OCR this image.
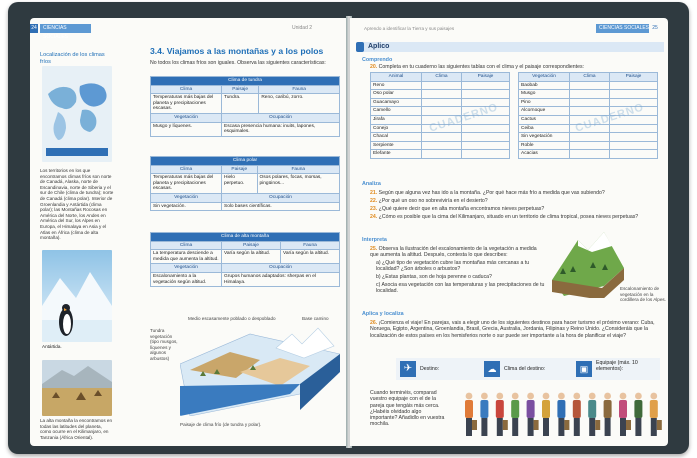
24	CIENCIAS SOCIALES
Unidad 2
Localización de los climas fríos
Los territorios en los que encontramos climas fríos son norte de Canadá, Alaska, norte de Escandinavia, norte de Siberia y el sur de Chile (clima de tundra); norte de Canadá (clima polar). Interior de Groenlandia y Antártida (clima polar); las Montañas Rocosas en América del Norte, los Andes en América del Sur, los Alpes en Europa, el Himalaya en Asia y el Atlas en África (clima de alta montaña).
Antártida.
La alta montaña la encontramos en todas las latitudes del planeta, como ocurre en el Kilimanjaro, en Tanzania (África Oriental).
3.4. Viajamos a las montañas y a los polos
No todos los climas fríos son iguales. Observa las siguientes características:
Clima de tundra		
Clima	Paisaje	Fauna
Temperaturas más bajas del planeta y precipitaciones escasas.	Tundra.	Reno, caribú, zorro.
Vegetación	Ocupación	
Musgo y líquenes.	Escasa presencia humana: inuits, lapones, esquimales.	
Clima polar		
Clima	Paisaje	Fauna
Temperaturas más bajas del planeta y precipitaciones escasas.	Hielo perpetuo.	Osos polares, focas, morsas, pingüinos...
Vegetación	Ocupación	
Sin vegetación.	Solo bases científicas.	
Clima de alta montaña		
Clima	Paisaje	Fauna
La temperatura desciende a medida que aumenta la altitud.	Varía según la altitud.	Varía según la altitud.
Vegetación	Ocupación	
Escalonamiento a la vegetación según altitud.	Grupos humanos adaptados: sherpas en el Himalaya.	
Medio escasamente poblado o despoblado	Base camino
Tundra vegetación (tipo musgos, líquenes y algunos arbustos)
Paisaje de clima frío (de tundra y polar).
Aprendo a identificar la Tierra y sus paisajes	CIENCIAS SOCIALES 25
Aplico
Comprendo
20. Completa en tu cuaderno las siguientes tablas con el clima y el paisaje correspondientes:
Animal	Clima	Paisaje
Reno		
Oso polar		
Guacamayo		
Camello		
Jirafa		
Conejo		
Chacal		
Serpiente		
Elefante		
Vegetación	Clima	Paisaje
Baobab		
Musgo		
Pino		
Alcornoque		
Cactus		
Ceiba		
Sin vegetación		
Roble		
Acacias		
CUADERNO	CUADERNO
Analiza
21. Según que alguna vez has ido a la montaña. ¿Por qué hace más frío a medida que vas subiendo?
22. ¿Por qué un oso no sobreviviría en el desierto?
23. ¿Qué quiere decir que en alta montaña encontramos nieves perpetuas?
24. ¿Cómo es posible que la cima del Kilimanjaro, situado en un territorio de clima tropical, posea nieves perpetuas?
Interpreta
25. Observa la ilustración del escalonamiento de la vegetación a medida que aumenta la altitud. Después, contesta lo que describes:
a) ¿Qué tipo de vegetación cubre las montañas más cercanas a tu localidad? ¿Son árboles o arbustos?
b) ¿Estas plantas, son de hoja perenne o caduca?
c) Asocia esa vegetación con las temperaturas y las precipitaciones de tu localidad.	Escalonamiento de vegetación en la cordillera de los Alpes.
Aplica y localiza
26. ¡Comienza el viaje! En parejas, vais a elegir uno de los siguientes destinos para hacer turismo el próximo verano: Cuba, Noruega, Egipto, Argentina, Groenlandia, Brasil, Grecia, Australia, Jordania, Filipinas y Reino Unido. ¿Consideráis que la localización de estos países en los hemisferios norte o sur puede ser importante a la hora de planificar el viaje?
✈	Destino:	☁	Clima del destino:	▣
Equipaje (máx. 10 elementos):
Cuando terminéis, comparad vuestro equipaje con el de la pareja que tengáis más cerca. ¿Habéis olvidado algo importante? Añadidlo en vuestra mochila.
